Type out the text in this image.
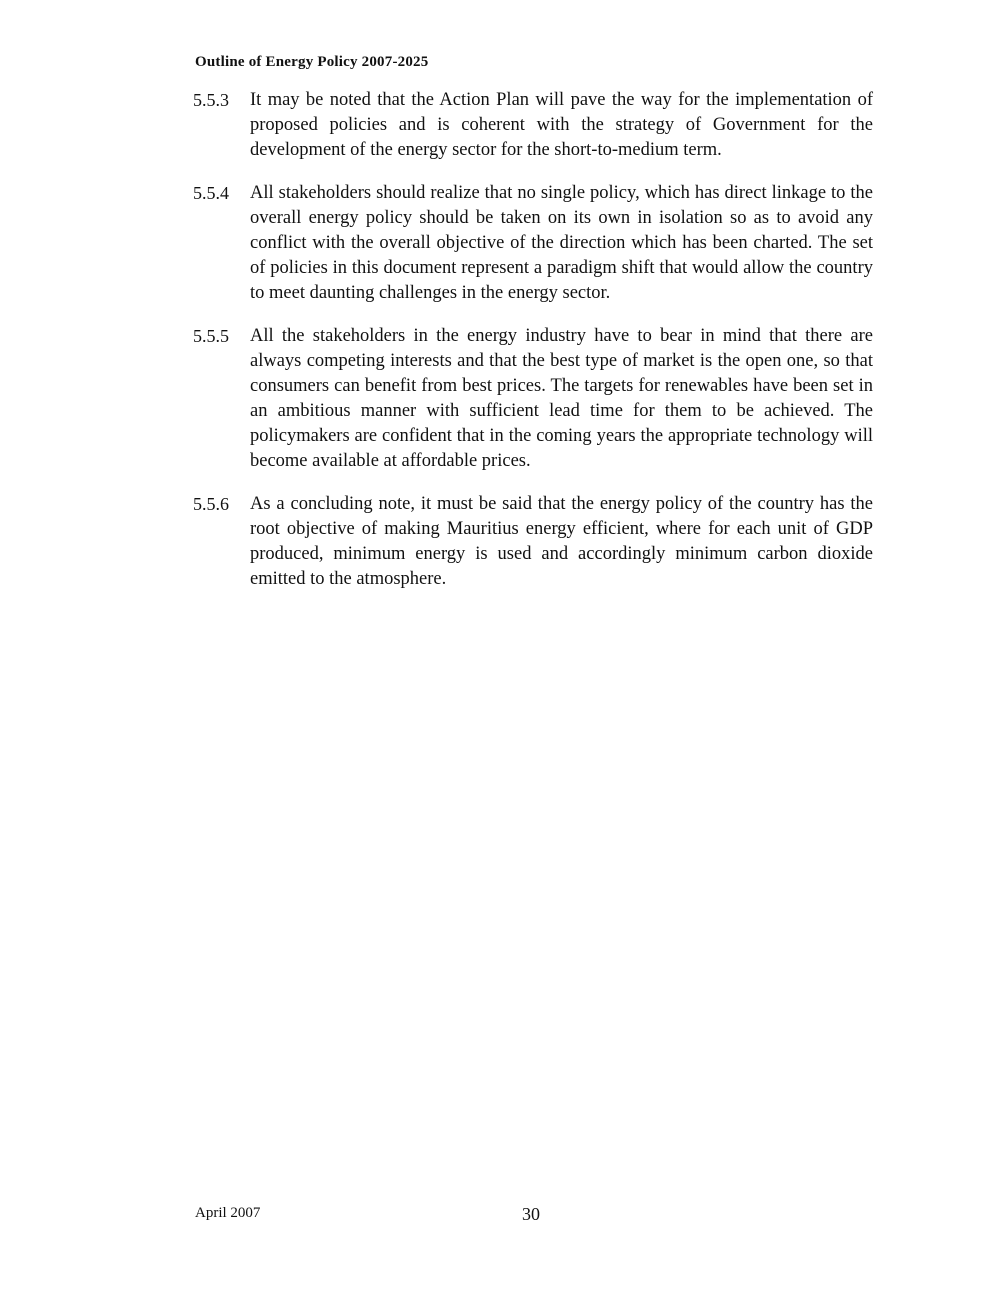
Outline of Energy Policy 2007-2025
5.5.3	It may be noted that the Action Plan will pave the way for the implementation of proposed policies and is coherent with the strategy of Government for the development of the energy sector for the short-to-medium term.
5.5.4	All stakeholders should realize that no single policy, which has direct linkage to the overall energy policy should be taken on its own in isolation so as to avoid any conflict with the overall objective of the direction which has been charted. The set of policies in this document represent a paradigm shift that would allow the country to meet daunting challenges in the energy sector.
5.5.5	All the stakeholders in the energy industry have to bear in mind that there are always competing interests and that the best type of market is the open one, so that consumers can benefit from best prices. The targets for renewables have been set in an ambitious manner with sufficient lead time for them to be achieved. The policymakers are confident that in the coming years the appropriate technology will become available at affordable prices.
5.5.6	As a concluding note, it must be said that the energy policy of the country has the root objective of making Mauritius energy efficient, where for each unit of GDP produced, minimum energy is used and accordingly minimum carbon dioxide emitted to the atmosphere.
April 2007	30
